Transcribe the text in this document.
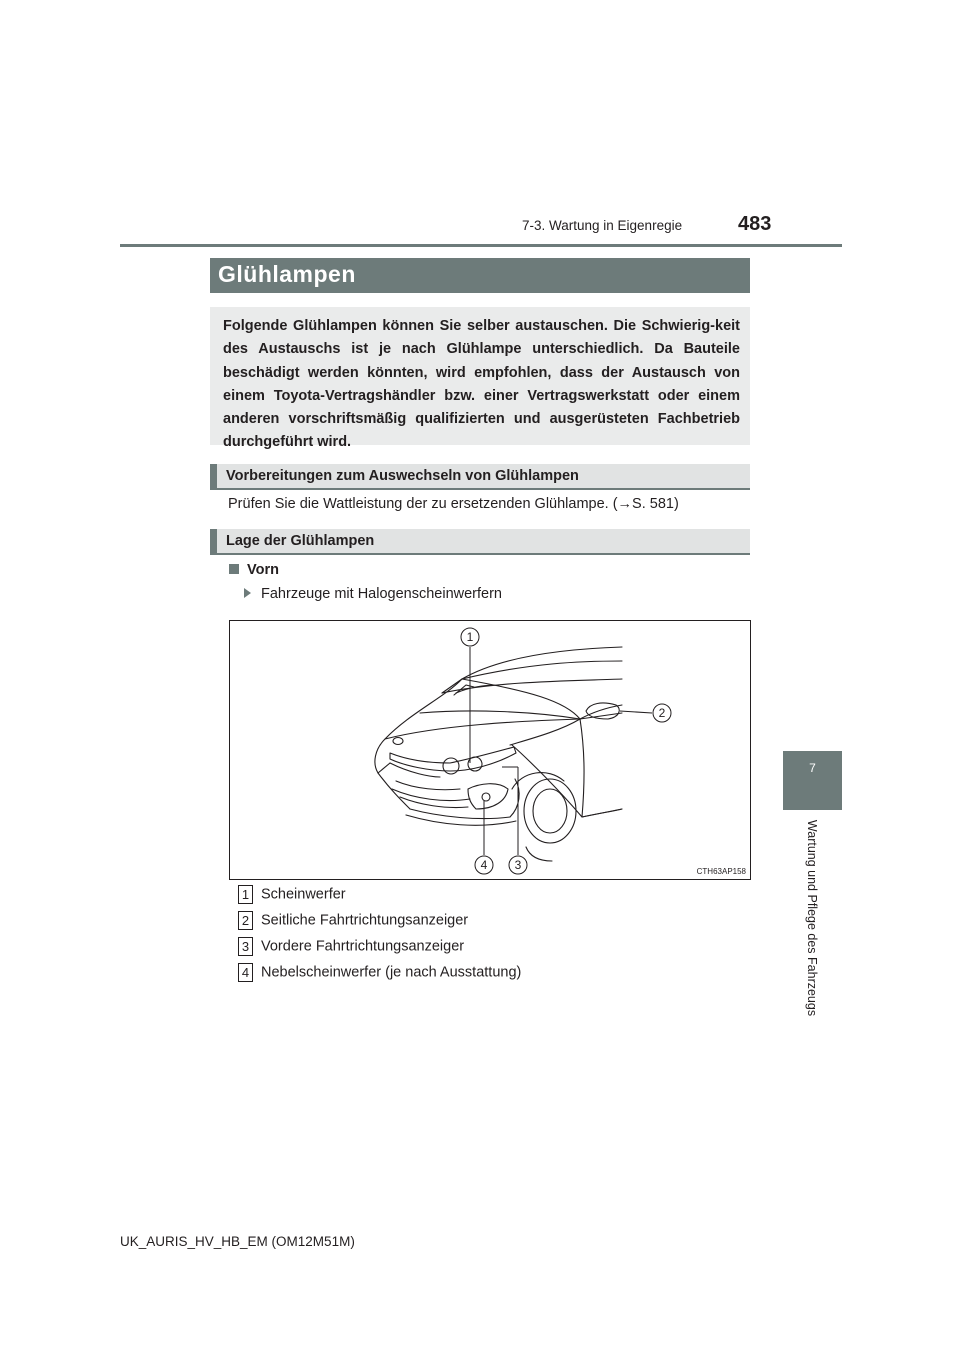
7-3. Wartung in Eigenregie	483
7
Wartung und Pflege des Fahrzeugs
Glühlampen
Folgende Glühlampen können Sie selber austauschen. Die Schwierig-keit des Austauschs ist je nach Glühlampe unterschiedlich. Da Bauteile beschädigt werden könnten, wird empfohlen, dass der Austausch von einem Toyota-Vertragshändler bzw. einer Vertragswerkstatt oder einem anderen vorschriftsmäßig qualifizierten und ausgerüsteten Fachbetrieb durchgeführt wird.
Vorbereitungen zum Auswechseln von Glühlampen
Prüfen Sie die Wattleistung der zu ersetzenden Glühlampe. (→S. 581)
Lage der Glühlampen
Vorn
Fahrzeuge mit Halogenscheinwerfern
1
2
3
4	CTH63AP158
1 Scheinwerfer
2 Seitliche Fahrtrichtungsanzeiger
3 Vordere Fahrtrichtungsanzeiger
4 Nebelscheinwerfer (je nach Ausstattung)
UK_AURIS_HV_HB_EM (OM12M51M)
